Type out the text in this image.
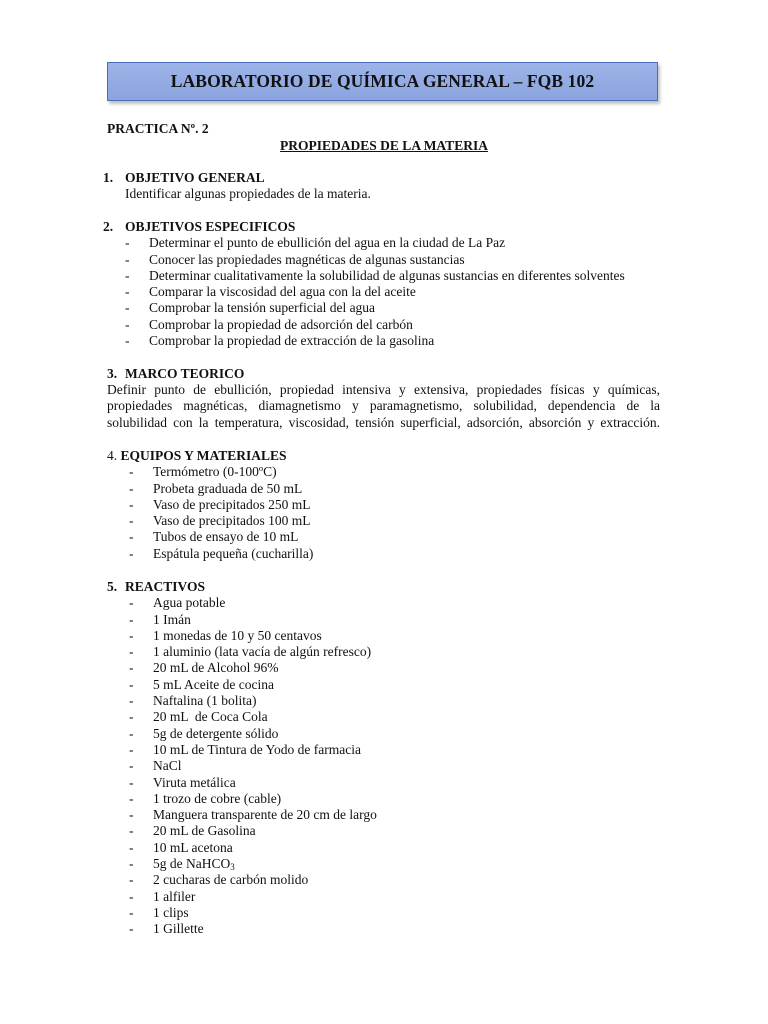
LABORATORIO DE QUÍMICA GENERAL – FQB 102
PRACTICA Nº. 2
PROPIEDADES DE LA MATERIA
1. OBJETIVO GENERAL
Identificar algunas propiedades de la materia.
2. OBJETIVOS ESPECIFICOS
- Determinar el punto de ebullición del agua en la ciudad de La Paz
- Conocer las propiedades magnéticas de algunas sustancias
- Determinar cualitativamente la solubilidad de algunas sustancias en diferentes solventes
- Comparar la viscosidad del agua con la del aceite
- Comprobar la tensión superficial del agua
- Comprobar la propiedad de adsorción del carbón
- Comprobar la propiedad de extracción de la gasolina
3. MARCO TEORICO

Definir punto de ebullición, propiedad intensiva y extensiva, propiedades físicas y químicas,

propiedades magnéticas, diamagnetismo y paramagnetismo, solubilidad, dependencia de la

solubilidad con la temperatura, viscosidad, tensión superficial, adsorción, absorción y extracción.

4. EQUIPOS Y MATERIALES
- Termómetro (0-100ºC)
- Probeta graduada de 50 mL
- Vaso de precipitados 250 mL
- Vaso de precipitados 100 mL
- Tubos de ensayo de 10 mL
- Espátula pequeña (cucharilla)
5. REACTIVOS
- Agua potable
- 1 Imán
- 1 monedas de 10 y 50 centavos
- 1 aluminio (lata vacía de algún refresco)
- 20 mL de Alcohol 96%
- 5 mL Aceite de cocina
- Naftalina (1 bolita)
- 20 mL  de Coca Cola
- 5g de detergente sólido
- 10 mL de Tintura de Yodo de farmacia
- NaCl
- Viruta metálica
- 1 trozo de cobre (cable)
- Manguera transparente de 20 cm de largo
- 20 mL de Gasolina
- 10 mL acetona
- 5g de NaHCO$_3$
- 2 cucharas de carbón molido
- 1 alfiler
- 1 clips
- 1 Gillette
